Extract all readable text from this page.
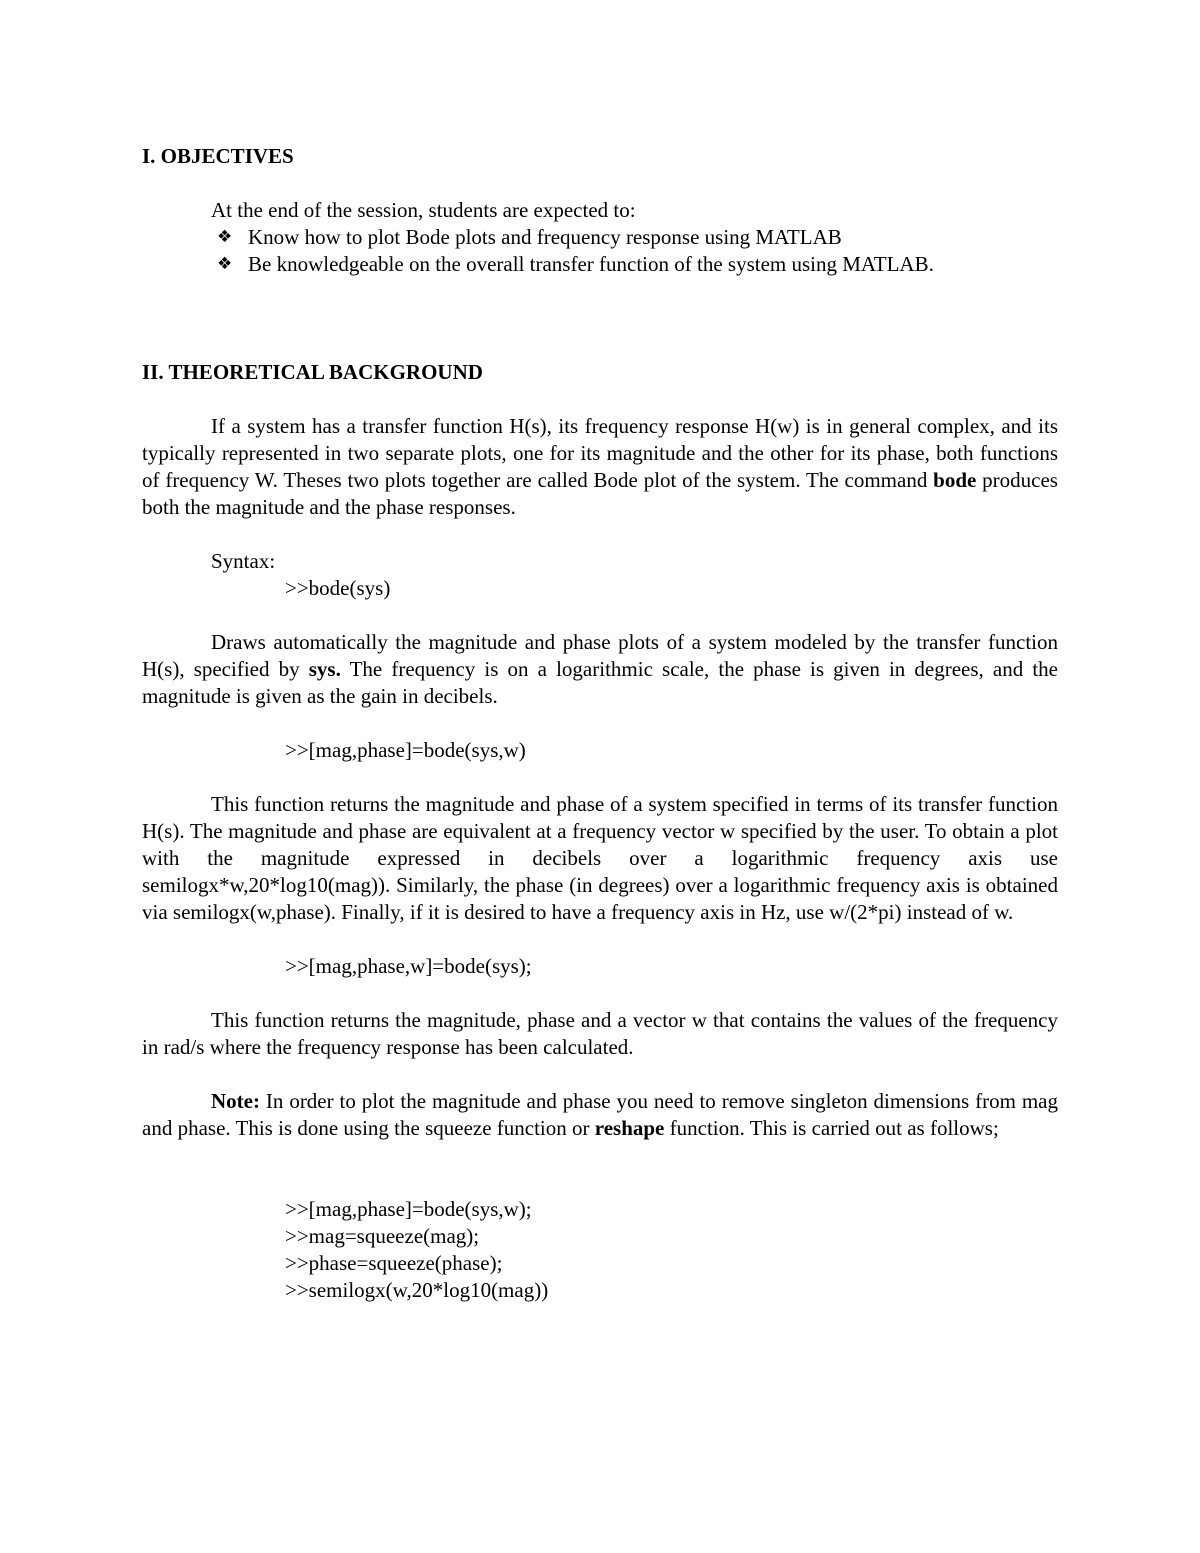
I. OBJECTIVES

At the end of the session, students are expected to:
❖ Know how to plot Bode plots and frequency response using MATLAB
❖ Be knowledgeable on the overall transfer function of the system using MATLAB.

II. THEORETICAL BACKGROUND

If a system has a transfer function H(s), its frequency response H(w) is in general complex, and its typically represented in two separate plots, one for its magnitude and the other for its phase, both functions of frequency W. Theses two plots together are called Bode plot of the system. The command bode produces both the magnitude and the phase responses.

Syntax:
>>bode(sys)

Draws automatically the magnitude and phase plots of a system modeled by the transfer function H(s), specified by sys. The frequency is on a logarithmic scale, the phase is given in degrees, and the magnitude is given as the gain in decibels.

>>[mag,phase]=bode(sys,w)

This function returns the magnitude and phase of a system specified in terms of its transfer function H(s). The magnitude and phase are equivalent at a frequency vector w specified by the user. To obtain a plot with the magnitude expressed in decibels over a logarithmic frequency axis use semilogx*w,20*log10(mag)). Similarly, the phase (in degrees) over a logarithmic frequency axis is obtained via semilogx(w,phase). Finally, if it is desired to have a frequency axis in Hz, use w/(2*pi) instead of w.

>>[mag,phase,w]=bode(sys);

This function returns the magnitude, phase and a vector w that contains the values of the frequency in rad/s where the frequency response has been calculated.

Note: In order to plot the magnitude and phase you need to remove singleton dimensions from mag and phase. This is done using the squeeze function or reshape function. This is carried out as follows;

>>[mag,phase]=bode(sys,w);
>>mag=squeeze(mag);
>>phase=squeeze(phase);
>>semilogx(w,20*log10(mag))
